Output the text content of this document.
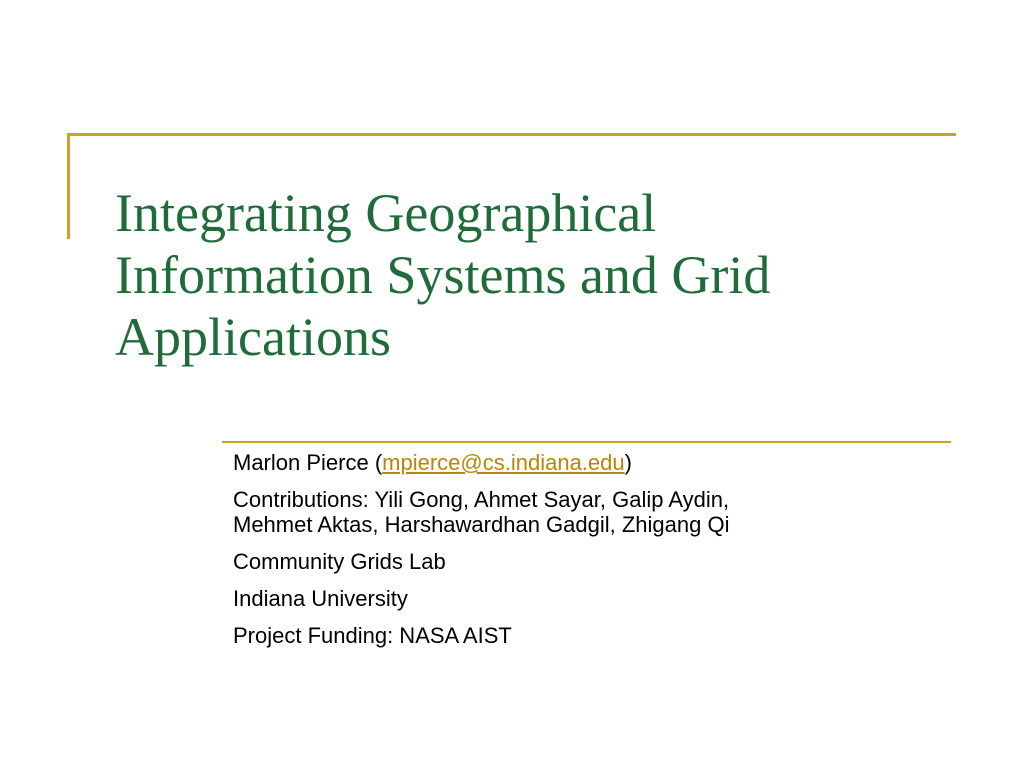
Integrating Geographical
Information Systems and Grid
Applications

Marlon Pierce (mpierce@cs.indiana.edu)

Contributions: Yili Gong, Ahmet Sayar, Galip Aydin,
Mehmet Aktas, Harshawardhan Gadgil, Zhigang Qi

Community Grids Lab

Indiana University

Project Funding: NASA AIST
